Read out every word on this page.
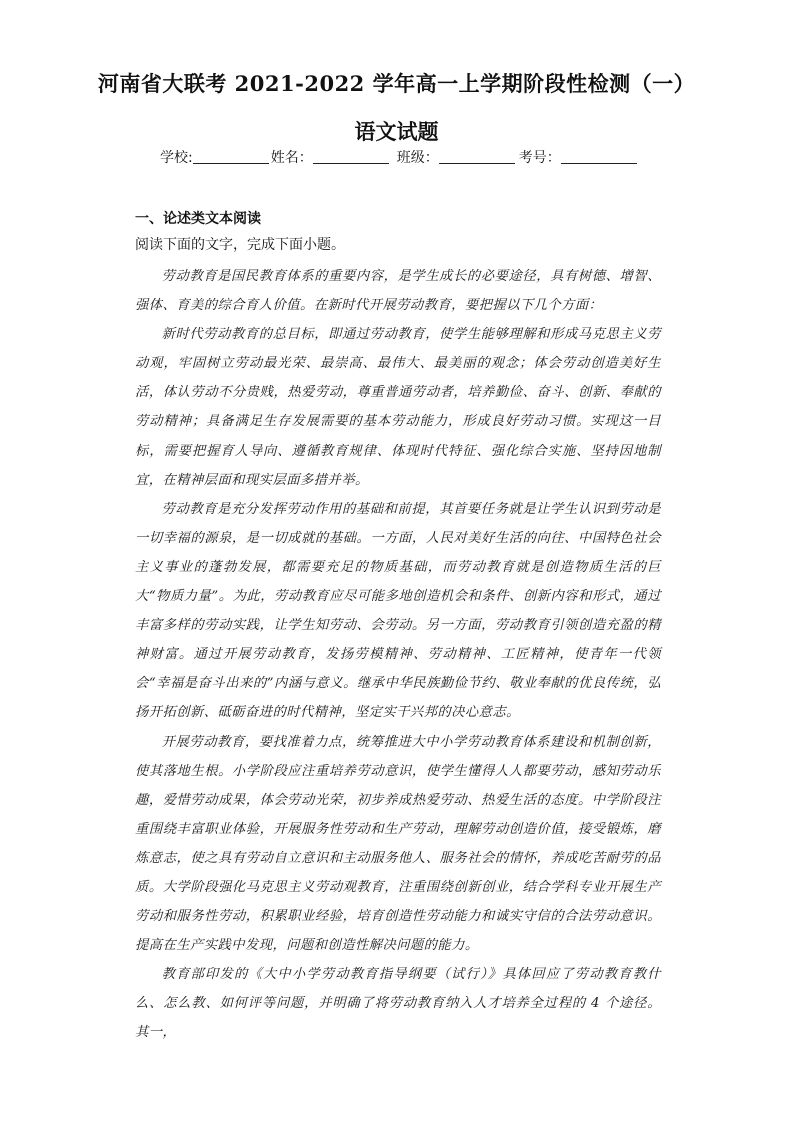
河南省大联考 2021-2022 学年高一上学期阶段性检测（一）
语文试题
学校:	姓名：	班级：	考号：
一、论述类文本阅读
阅读下面的文字，完成下面小题。

劳动教育是国民教育体系的重要内容，是学生成长的必要途径，具有树德、增智、强体、育美的综合育人价值。在新时代开展劳动教育，要把握以下几个方面：

新时代劳动教育的总目标，即通过劳动教育，使学生能够理解和形成马克思主义劳动观，牢固树立劳动最光荣、最崇高、最伟大、最美丽的观念；体会劳动创造美好生活，体认劳动不分贵贱，热爱劳动，尊重普通劳动者，培养勤俭、奋斗、创新、奉献的劳动精神；具备满足生存发展需要的基本劳动能力，形成良好劳动习惯。实现这一目标，需要把握育人导向、遵循教育规律、体现时代特征、强化综合实施、坚持因地制宜，在精神层面和现实层面多措并举。

劳动教育是充分发挥劳动作用的基础和前提，其首要任务就是让学生认识到劳动是一切幸福的源泉，是一切成就的基础。一方面，人民对美好生活的向往、中国特色社会主义事业的蓬勃发展，都需要充足的物质基础，而劳动教育就是创造物质生活的巨大“物质力量”。为此，劳动教育应尽可能多地创造机会和条件、创新内容和形式，通过丰富多样的劳动实践，让学生知劳动、会劳动。另一方面，劳动教育引领创造充盈的精神财富。通过开展劳动教育，发扬劳模精神、劳动精神、工匠精神，使青年一代领会“幸福是奋斗出来的”内涵与意义。继承中华民族勤俭节约、敬业奉献的优良传统，弘扬开拓创新、砥砺奋进的时代精神，坚定实干兴邦的决心意志。

开展劳动教育，要找准着力点，统筹推进大中小学劳动教育体系建设和机制创新，使其落地生根。小学阶段应注重培养劳动意识，使学生懂得人人都要劳动，感知劳动乐趣，爱惜劳动成果，体会劳动光荣，初步养成热爱劳动、热爱生活的态度。中学阶段注重围绕丰富职业体验，开展服务性劳动和生产劳动，理解劳动创造价值，接受锻炼，磨炼意志，使之具有劳动自立意识和主动服务他人、服务社会的情怀，养成吃苦耐劳的品质。大学阶段强化马克思主义劳动观教育，注重围绕创新创业，结合学科专业开展生产劳动和服务性劳动，积累职业经验，培育创造性劳动能力和诚实守信的合法劳动意识。提高在生产实践中发现，问题和创造性解决问题的能力。

教育部印发的《大中小学劳动教育指导纲要（试行）》具体回应了劳动教育教什么、怎么教、如何评等问题，并明确了将劳动教育纳入人才培养全过程的 4 个途径。其一，
